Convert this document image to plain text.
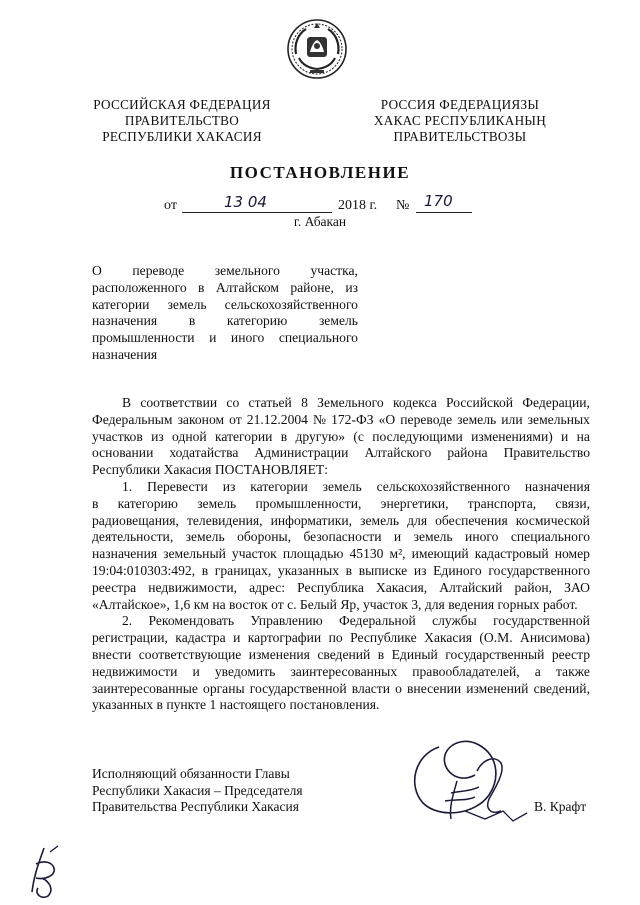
РОССИЙСКАЯ ФЕДЕРАЦИЯ
ПРАВИТЕЛЬСТВО
РЕСПУБЛИКИ ХАКАСИЯ
РОССИЯ ФЕДЕРАЦИЯЗЫ
ХАКАС РЕСПУБЛИКАНЫҢ
ПРАВИТЕЛЬСТВОЗЫ
ПОСТАНОВЛЕНИЕ
от	13 04	2018 г. № 170
г. Абакан
О переводе земельного участка,
расположенного в Алтайском районе, из
категории земель сельскохозяйственного
назначения в категорию земель
промышленности и иного специального
назначения
В соответствии со статьей 8 Земельного кодекса Российской Федерации,
Федеральным законом от 21.12.2004 № 172-ФЗ «О переводе земель или земельных
участков из одной категории в другую» (с последующими изменениями) и на
основании ходатайства Администрации Алтайского района Правительство
Республики Хакасия ПОСТАНОВЛЯЕТ:
1. Перевести из категории земель сельскохозяйственного назначения
в категорию земель промышленности, энергетики, транспорта, связи,
радиовещания, телевидения, информатики, земель для обеспечения космической
деятельности, земель обороны, безопасности и земель иного специального
назначения земельный участок площадью 45130 м², имеющий кадастровый номер
19:04:010303:492, в границах, указанных в выписке из Единого государственного
реестра недвижимости, адрес: Республика Хакасия, Алтайский район, ЗАО
«Алтайское», 1,6 км на восток от с. Белый Яр, участок 3, для ведения горных работ.
2. Рекомендовать Управлению Федеральной службы государственной
регистрации, кадастра и картографии по Республике Хакасия (О.М. Анисимова)
внести соответствующие изменения сведений в Единый государственный реестр
недвижимости и уведомить заинтересованных правообладателей, а также
заинтересованные органы государственной власти о внесении изменений сведений,
указанных в пункте 1 настоящего постановления.
Исполняющий обязанности Главы
Республики Хакасия – Председателя
Правительства Республики Хакасия	В. Крафт
